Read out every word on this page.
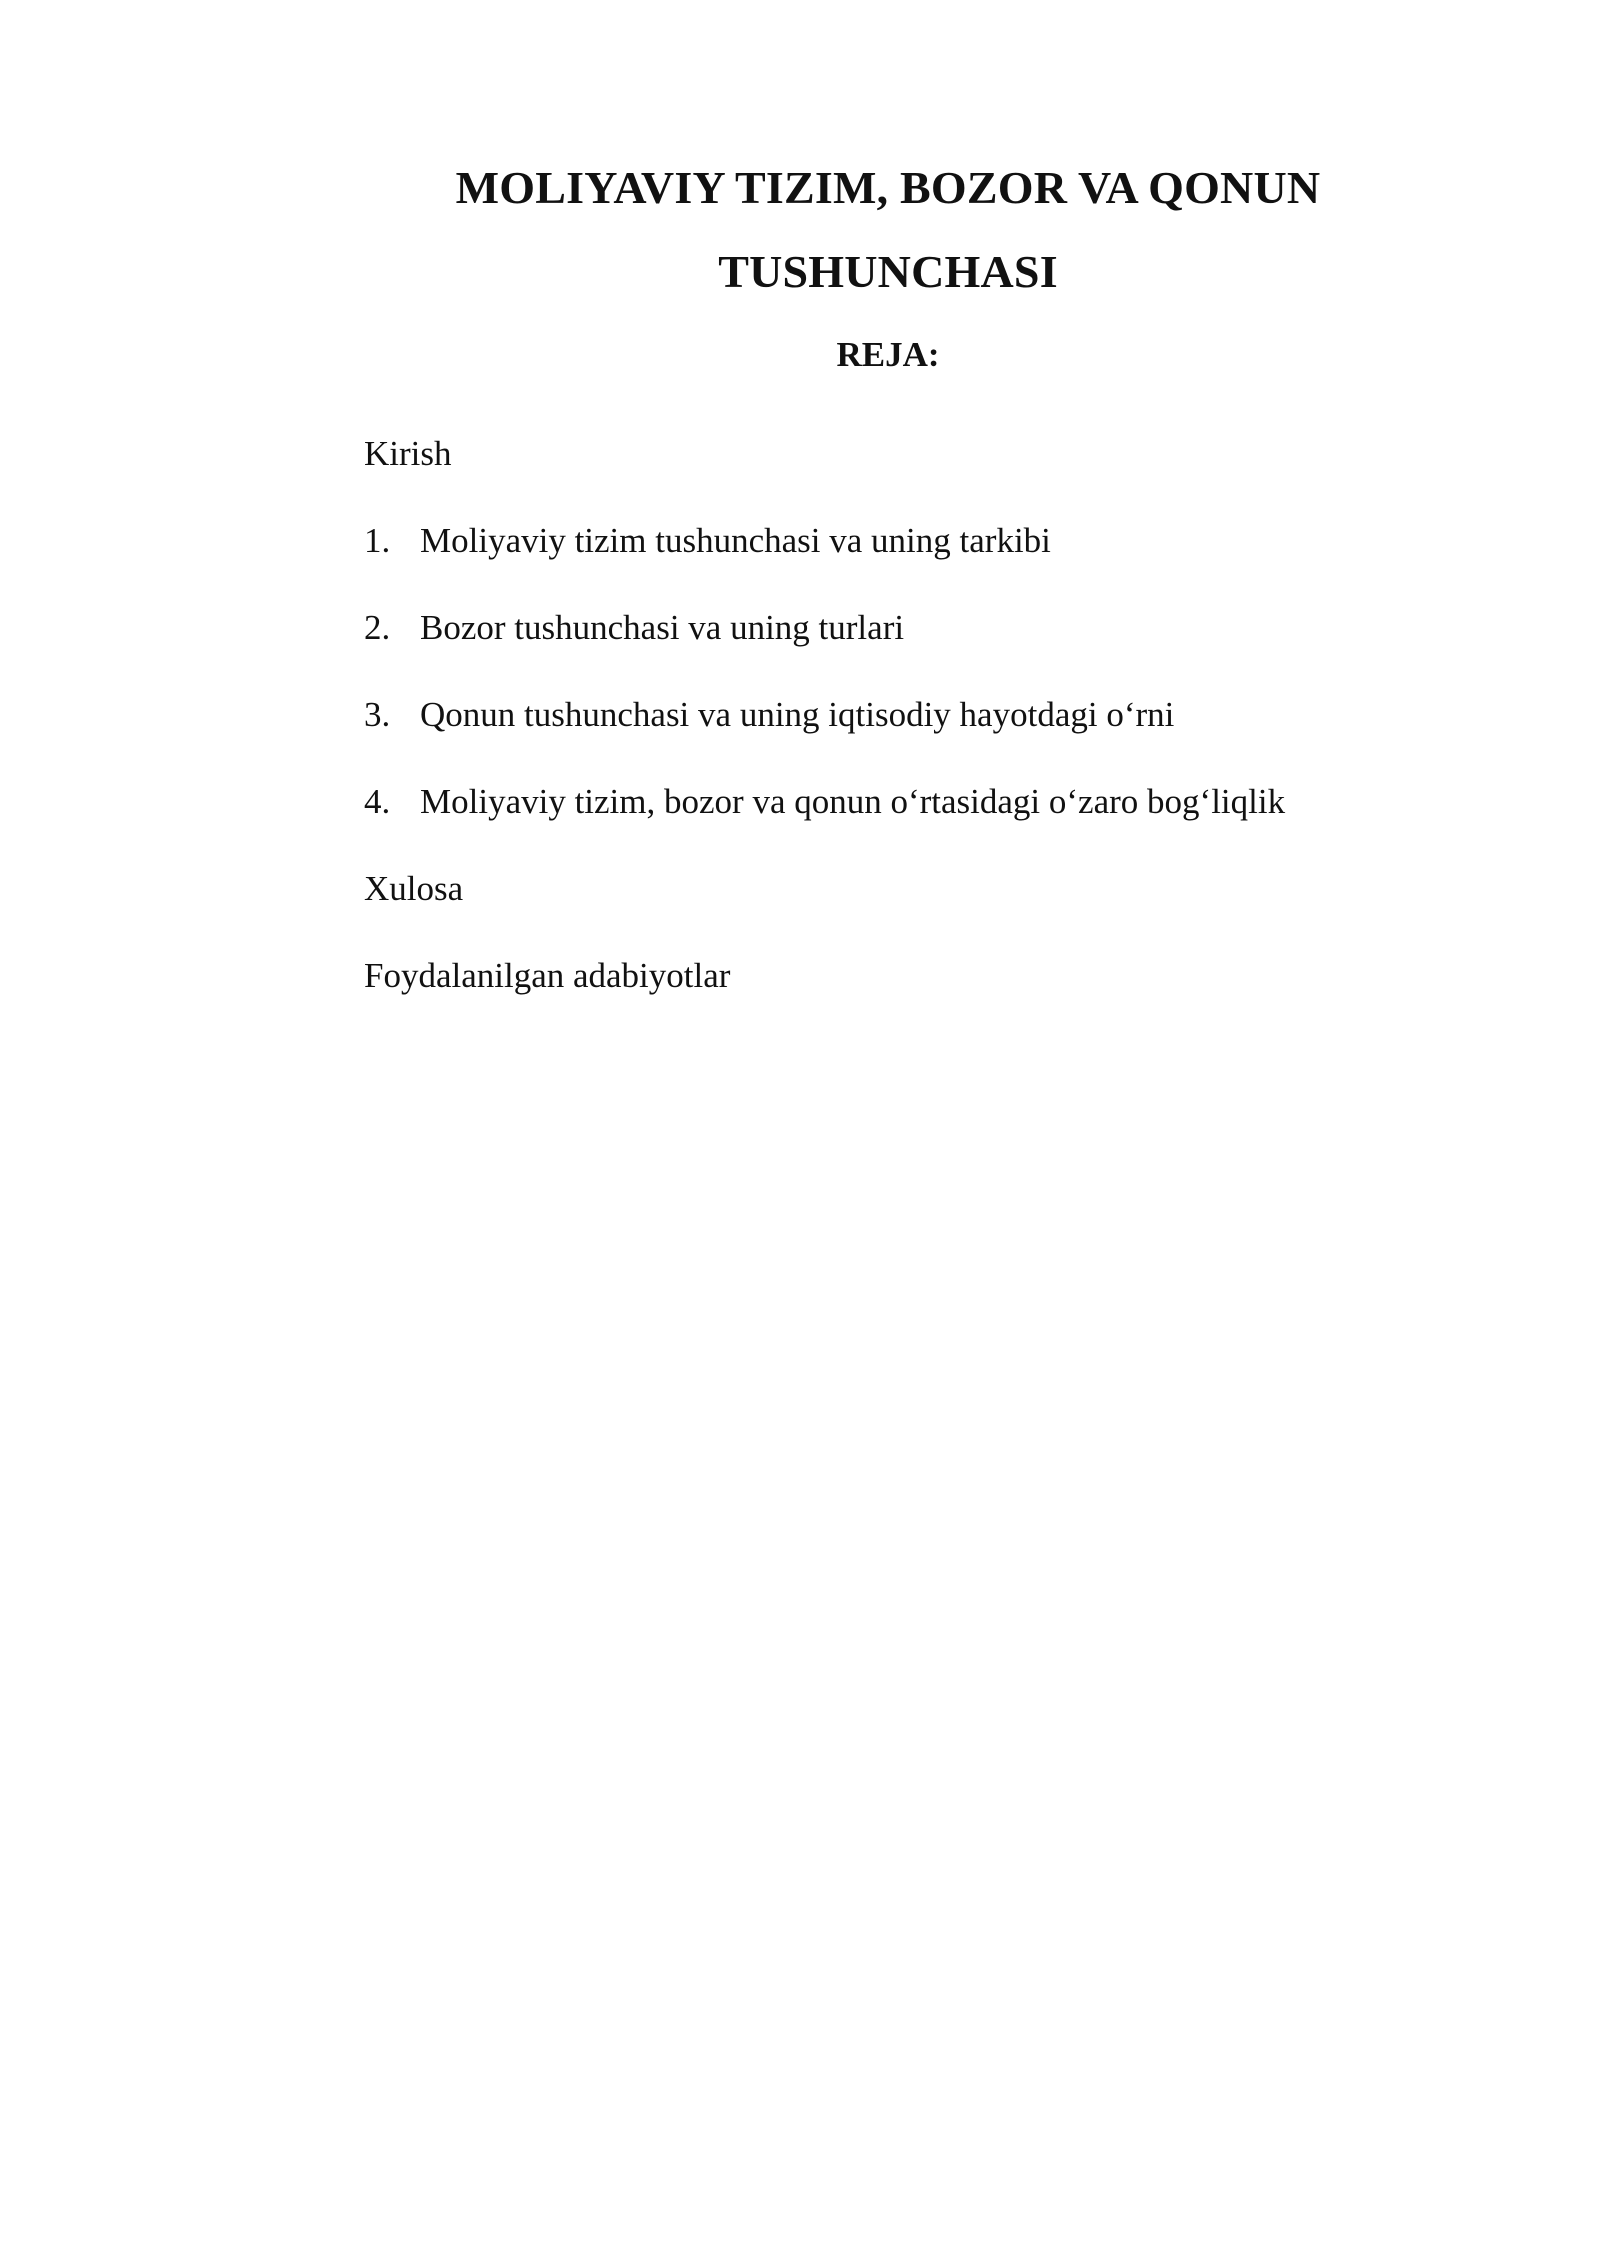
MOLIYAVIY TIZIM, BOZOR VA QONUN
TUSHUNCHASI
REJA:
Kirish
1. Moliyaviy tizim tushunchasi va uning tarkibi
2. Bozor tushunchasi va uning turlari
3. Qonun tushunchasi va uning iqtisodiy hayotdagi o‘rni
4. Moliyaviy tizim, bozor va qonun o‘rtasidagi o‘zaro bog‘liqlik
Xulosa
Foydalanilgan adabiyotlar
